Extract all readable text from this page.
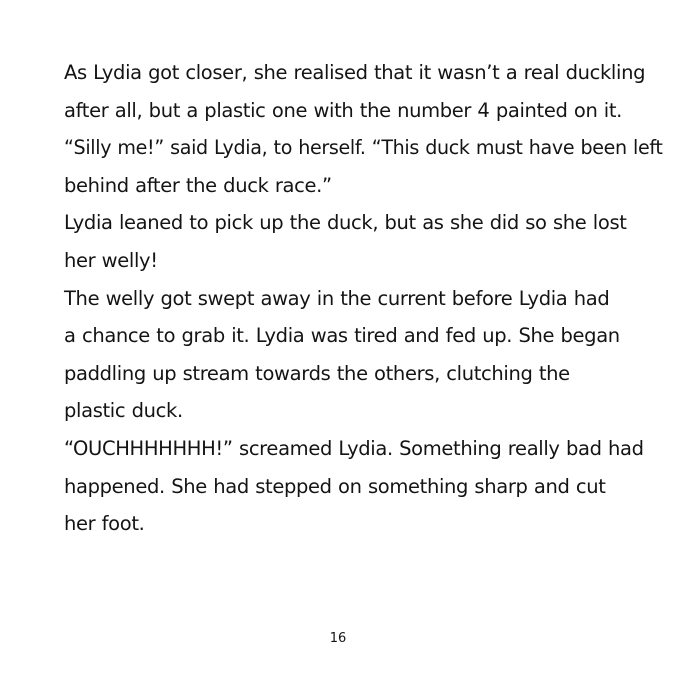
As Lydia got closer, she realised that it wasn’t a real duckling
after all, but a plastic one with the number 4 painted on it.
“Silly me!” said Lydia, to herself. “This duck must have been left
behind after the duck race.”
Lydia leaned to pick up the duck, but as she did so she lost
her welly!
The welly got swept away in the current before Lydia had
a chance to grab it. Lydia was tired and fed up. She began
paddling up stream towards the others, clutching the
plastic duck.
“OUCHHHHHHH!” screamed Lydia. Something really bad had
happened. She had stepped on something sharp and cut
her foot.
16
